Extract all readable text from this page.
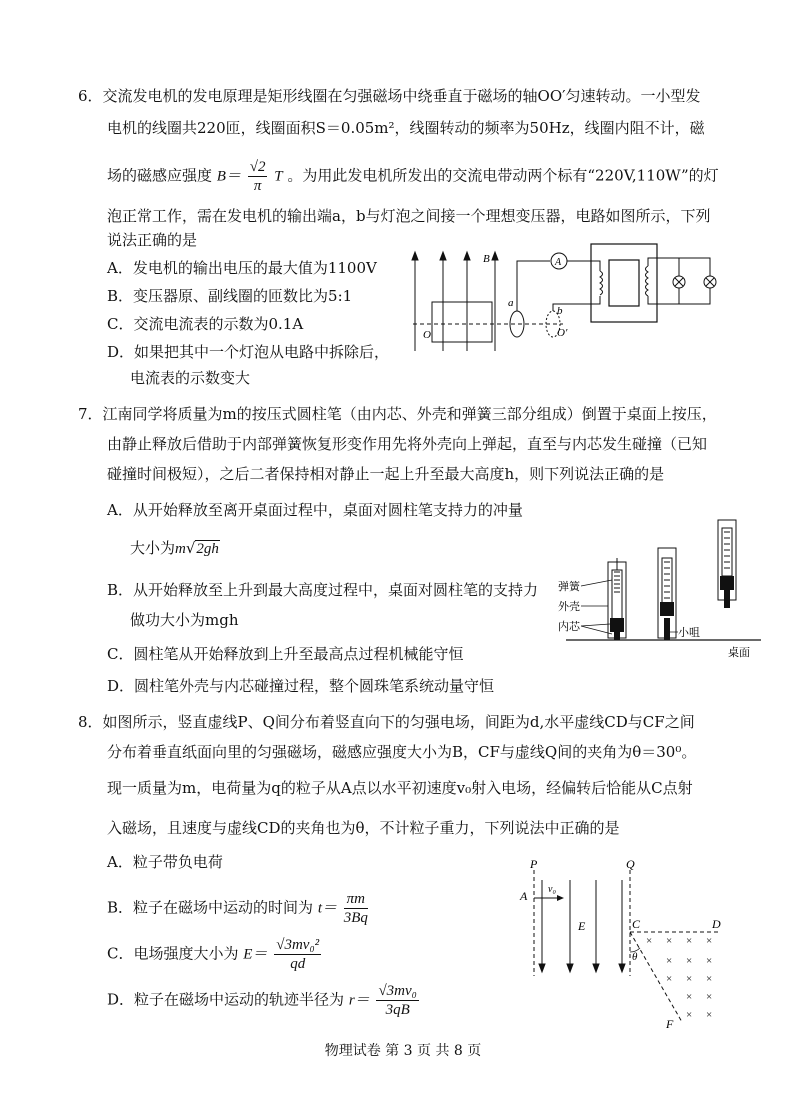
6．交流发电机的发电原理是矩形线圈在匀强磁场中绕垂直于磁场的轴OO′匀速转动。一小型发
电机的线圈共220匝，线圈面积S＝0.05m²，线圈转动的频率为50Hz，线圈内阻不计，磁
场的磁感应强度 $B= \frac{√2}{\pi}$ T 。为用此发电机所发出的交流电带动两个标有“220V,110W”的灯
泡正常工作，需在发电机的输出端a，b与灯泡之间接一个理想变压器，电路如图所示，下列
说法正确的是
A．发电机的输出电压的最大值为1100V
B．变压器原、副线圈的匝数比为5:1
C．交流电流表的示数为0.1A
D．如果把其中一个灯泡从电路中拆除后，
电流表的示数变大
B
O
a
b
O′
A
7．江南同学将质量为m的按压式圆柱笔（由内芯、外壳和弹簧三部分组成）倒置于桌面上按压，
由静止释放后借助于内部弹簧恢复形变作用先将外壳向上弹起，直至与内芯发生碰撞（已知
碰撞时间极短），之后二者保持相对静止一起上升至最大高度h，则下列说法正确的是
A．从开始释放至离开桌面过程中，桌面对圆柱笔支持力的冲量
大小为m√2gh
B．从开始释放至上升到最大高度过程中，桌面对圆柱笔的支持力
做功大小为mgh
C．圆柱笔从开始释放到上升至最高点过程机械能守恒
D．圆柱笔外壳与内芯碰撞过程，整个圆珠笔系统动量守恒
弹簧
外壳
内芯	小咀
桌面
8．如图所示，竖直虚线P、Q间分布着竖直向下的匀强电场，间距为d,水平虚线CD与CF之间
分布着垂直纸面向里的匀强磁场，磁感应强度大小为B，CF与虚线Q间的夹角为θ＝30⁰。
现一质量为m，电荷量为q的粒子从A点以水平初速度v₀射入电场，经偏转后恰能从C点射
入磁场，且速度与虚线CD的夹角也为θ，不计粒子重力，下列说法中正确的是
A．粒子带负电荷
B．粒子在磁场中运动的时间为 $t= \frac{\pi m}{3Bq}$
C．电场强度大小为 $E= \frac{\text{√3mv₀²}}{qd}$
D．粒子在磁场中运动的轨迹半径为 $r= \frac{\text{√3mv₀}}{3qB}$
P	Q
E
A v₀
C	D
F
θ
× × × ×
× × ×
× × ×
× ×
× ×
物理试卷 第 3 页 共 8 页
